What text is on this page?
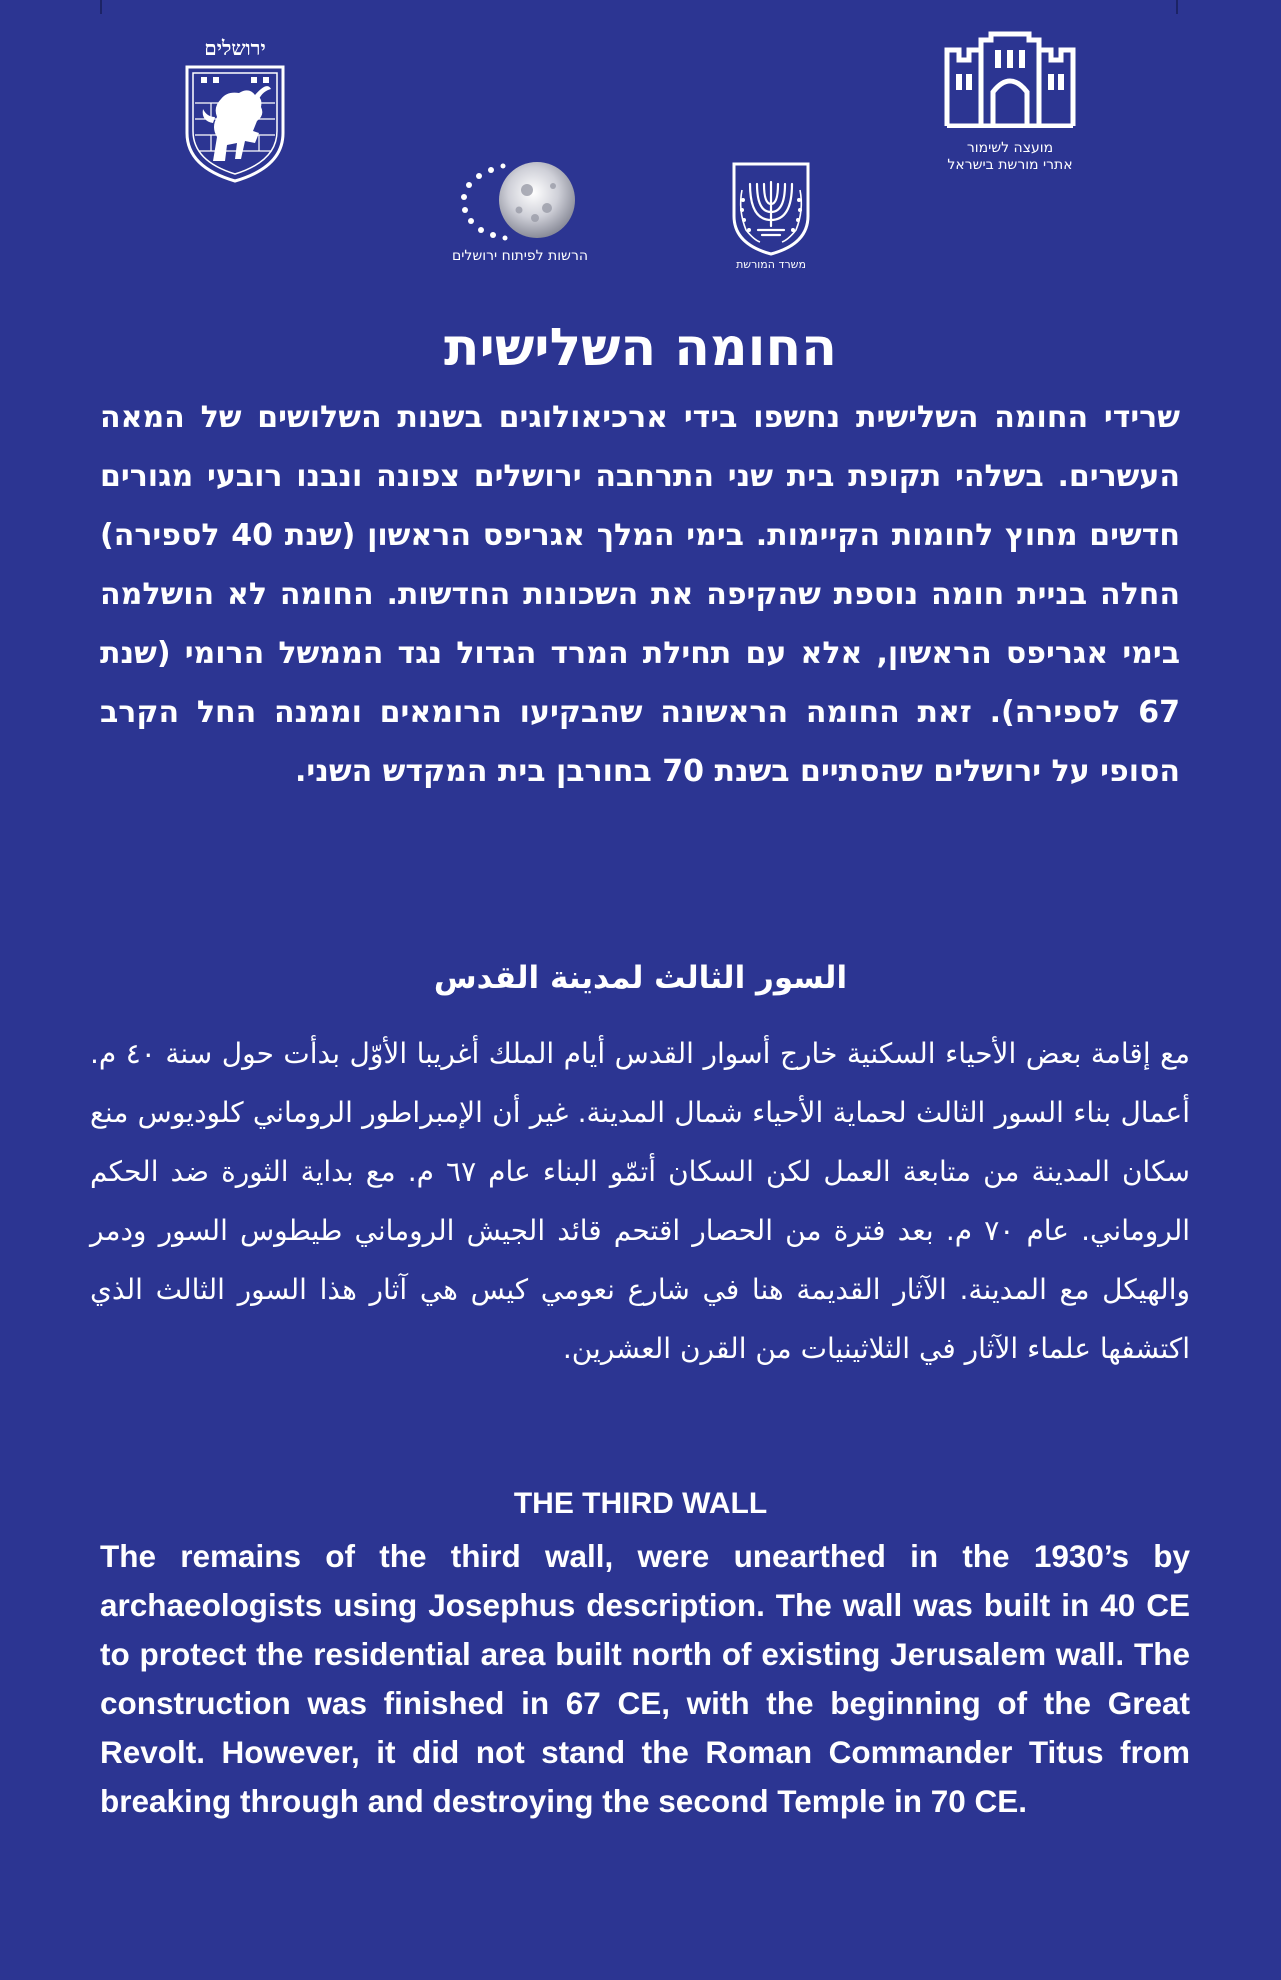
ירושלים
מועצה לשימור
אתרי מורשת בישראל
משרד המורשת
הרשות לפיתוח ירושלים
החומה השלישית

שרידי החומה השלישית נחשפו בידי ארכיאולוגים בשנות השלושים של המאה העשרים. בשלהי תקופת בית שני התרחבה ירושלים צפונה ונבנו רובעי מגורים חדשים מחוץ לחומות הקיימות. בימי המלך אגריפס הראשון (שנת 40 לספירה) החלה בניית חומה נוספת שהקיפה את השכונות החדשות. החומה לא הושלמה בימי אגריפס הראשון, אלא עם תחילת המרד הגדול נגד הממשל הרומי (שנת 67 לספירה). זאת החומה הראשונה שהבקיעו הרומאים וממנה החל הקרב הסופי על ירושלים שהסתיים בשנת 70 בחורבן בית המקדש השני.

السور الثالث لمدينة القدس

مع إقامة بعض الأحياء السكنية خارج أسوار القدس أيام الملك أغريبا الأوّل بدأت حول سنة ٤٠ م. أعمال بناء السور الثالث لحماية الأحياء شمال المدينة. غير أن الإمبراطور الروماني كلوديوس منع سكان المدينة من متابعة العمل لكن السكان أتمّو البناء عام ٦٧ م. مع بداية الثورة ضد الحكم الروماني. عام ٧٠ م. بعد فترة من الحصار اقتحم قائد الجيش الروماني طيطوس السور ودمر والهيكل مع المدينة. الآثار القديمة هنا في شارع نعومي كيس هي آثار هذا السور الثالث الذي اكتشفها علماء الآثار في الثلاثينيات من القرن العشرين.

THE THIRD WALL

The remains of the third wall, were unearthed in the 1930’s by archaeologists using Josephus description. The wall was built in 40 CE to protect the residential area built north of existing Jerusalem wall. The construction was finished in 67 CE, with the beginning of the Great Revolt. However, it did not stand the Roman Commander Titus from breaking through and destroying the second Temple in 70 CE.
